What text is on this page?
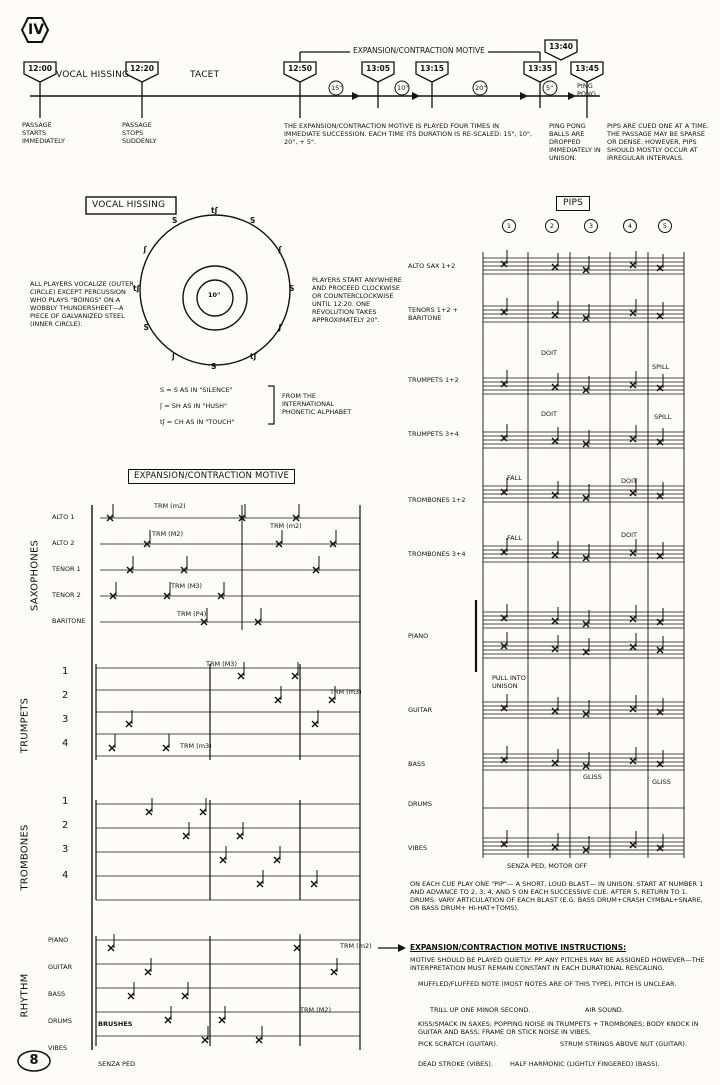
IV
12:00	12:20	12:50	13:05	13:15	13:35
13:40
13:45
VOCAL HISSING	TACET
EXPANSION/CONTRACTION MOTIVE
PING PONG
15"	10"	20"	5"
PASSAGE STARTS IMMEDIATELY
PASSAGE STOPS SUDDENLY
THE EXPANSION/CONTRACTION MOTIVE IS PLAYED FOUR TIMES IN IMMEDIATE SUCCESSION. EACH TIME ITS DURATION IS RE-SCALED: 15", 10", 20", + 5".
PING PONG BALLS ARE DROPPED IMMEDIATELY IN UNISON.
PIPS ARE CUED ONE AT A TIME. THE PASSAGE MAY BE SPARSE OR DENSE. HOWEVER, PIPS SHOULD MOSTLY OCCUR AT IRREGULAR INTERVALS.
VOCAL HISSING
ALL PLAYERS VOCALIZE (OUTER CIRCLE) EXCEPT PERCUSSION WHO PLAYS "BOINGS" ON A WOBBLY THUNDERSHEET—A PIECE OF GALVANIZED STEEL (INNER CIRCLE).
PLAYERS START ANYWHERE AND PROCEED CLOCKWISE OR COUNTERCLOCKWISE UNTIL 12:20. ONE REVOLUTION TAKES APPROXIMATELY 20".
10"
S = S AS IN "SILENCE"
ʃ = SH AS IN "HUSH"
tʃ = CH AS IN "TOUCH"
FROM THE INTERNATIONAL PHONETIC ALPHABET
S
ʃ
tʃ
S
ʃ
S
tʃ
ʃ
S
tʃ
S
ʃ
PIPS
1	2	3	4	5
ALTO SAX 1+2
TENORS 1+2 + BARITONE
TRUMPETS 1+2
TRUMPETS 3+4
TROMBONES 1+2
TROMBONES 3+4
PIANO
GUITAR
BASS
DRUMS
VIBES
DOIT
DOIT
SPILL
SPILL
FALL
FALL
DOIT
DOIT
PULL INTO UNISON
GLISS
GLISS
SENZA PED, MOTOR OFF
ON EACH CUE PLAY ONE "PIP"— A SHORT, LOUD BLAST— IN UNISON. START AT NUMBER 1 AND ADVANCE TO 2, 3, 4, AND 5 ON EACH SUCCESSIVE CUE. AFTER 5, RETURN TO 1. DRUMS: VARY ARTICULATION OF EACH BLAST (E.G. BASS DRUM+CRASH CYMBAL+SNARE, OR BASS DRUM+ HI-HAT+TOMS).
EXPANSION/CONTRACTION MOTIVE
SAXOPHONES
TRUMPETS
TROMBONES
RHYTHM
ALTO 1
ALTO 2
TENOR 1
TENOR 2
BARITONE
1
2
3
4
1
2
3
4
PIANO
GUITAR
BASS
DRUMS
VIBES
BRUSHES
SENZA PED
TRM (m2)
TRM (M2)
TRM (m2)
TRM (M3)
TRM (P4)
TRM (M3)
TRM (m3)
TRM (m3)
TRM (M2)
TRM (m2)	EXPANSION/CONTRACTION MOTIVE INSTRUCTIONS:
MOTIVE SHOULD BE PLAYED QUIETLY: PP. ANY PITCHES MAY BE ASSIGNED HOWEVER—THE INTERPRETATION MUST REMAIN CONSTANT IN EACH DURATIONAL RESCALING.
MUFFLED/FLUFFED NOTE (MOST NOTES ARE OF THIS TYPE), PITCH IS UNCLEAR.
TRILL UP ONE MINOR SECOND.	AIR SOUND.
KISS/SMACK IN SAXES; POPPING NOISE IN TRUMPETS + TROMBONES; BODY KNOCK IN GUITAR AND BASS; FRAME OR STICK NOISE IN VIBES.
PICK SCRATCH (GUITAR).	STRUM STRINGS ABOVE NUT (GUITAR).
DEAD STROKE (VIBES).	HALF HARMONIC (LIGHTLY FINGERED) (BASS).
8
